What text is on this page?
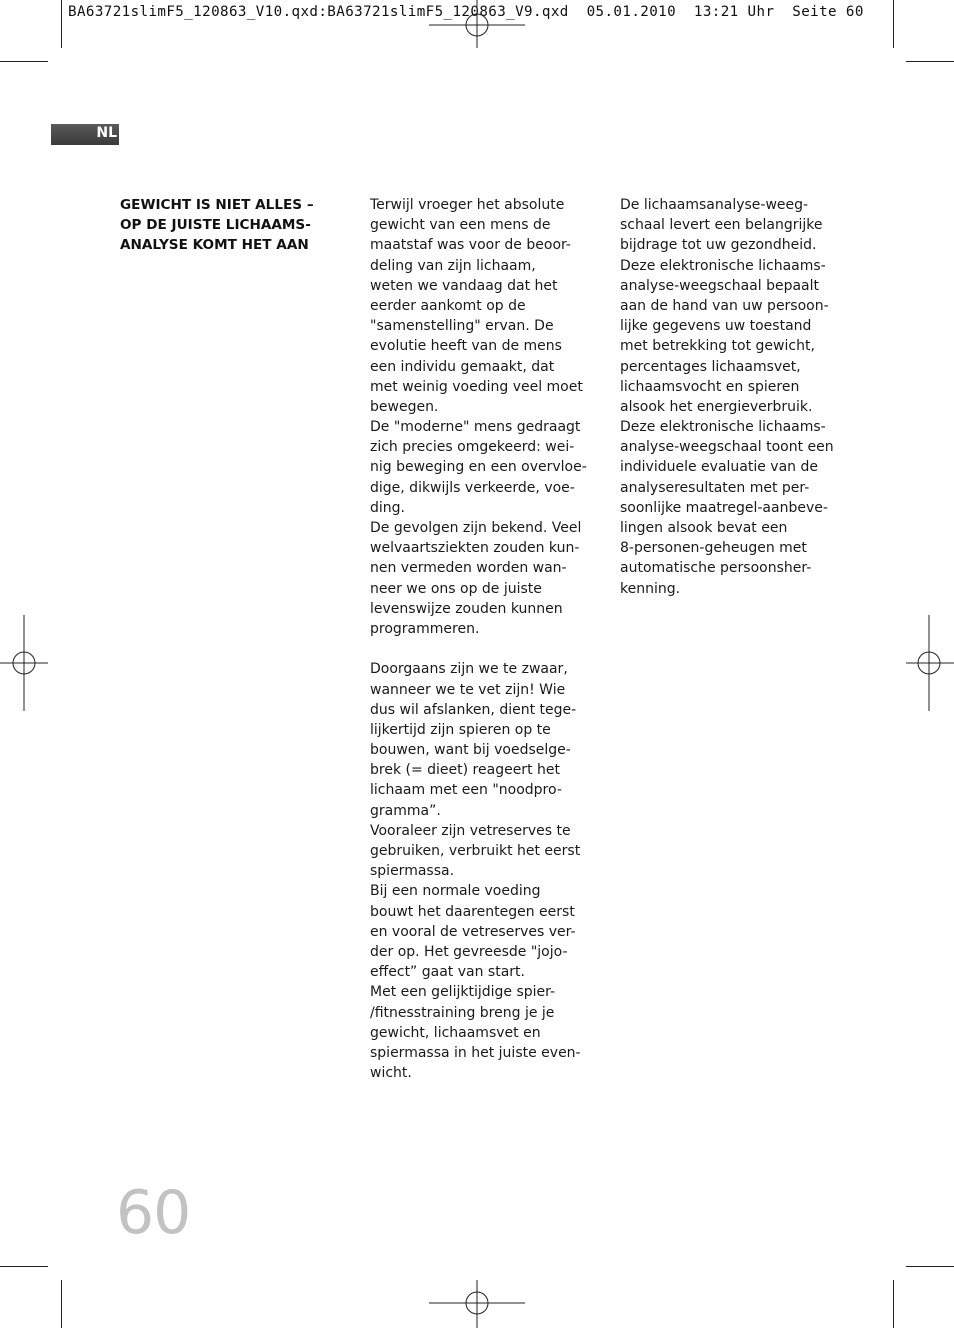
BA63721slimF5_120863_V10.qxd:BA63721slimF5_120863_V9.qxd  05.01.2010  13:21 Uhr  Seite 60
NL
GEWICHT IS NIET ALLES –
OP DE JUISTE LICHAAMS-
ANALYSE KOMT HET AAN
Terwijl vroeger het absolute
gewicht van een mens de
maatstaf was voor de beoor-
deling van zijn lichaam,
weten we vandaag dat het
eerder aankomt op de
"samenstelling" ervan. De
evolutie heeft van de mens
een individu gemaakt, dat
met weinig voeding veel moet
bewegen.
De "moderne" mens gedraagt
zich precies omgekeerd: wei-
nig beweging en een overvloe-
dige, dikwijls verkeerde, voe-
ding.
De gevolgen zijn bekend. Veel
welvaartsziekten zouden kun-
nen vermeden worden wan-
neer we ons op de juiste
levenswijze zouden kunnen
programmeren.
Doorgaans zijn we te zwaar,
wanneer we te vet zijn! Wie
dus wil afslanken, dient tege-
lijkertijd zijn spieren op te
bouwen, want bij voedselge-
brek (= dieet) reageert het
lichaam met een "noodpro-
gramma”.
Vooraleer zijn vetreserves te
gebruiken, verbruikt het eerst
spiermassa.
Bij een normale voeding
bouwt het daarentegen eerst
en vooral de vetreserves ver-
der op. Het gevreesde "jojo-
effect” gaat van start.
Met een gelijktijdige spier-
/fitnesstraining breng je je
gewicht, lichaamsvet en
spiermassa in het juiste even-
wicht.
De lichaamsanalyse-weeg-
schaal levert een belangrijke
bijdrage tot uw gezondheid.
Deze elektronische lichaams-
analyse-weegschaal bepaalt
aan de hand van uw persoon-
lijke gegevens uw toestand
met betrekking tot gewicht,
percentages lichaamsvet,
lichaamsvocht en spieren
alsook het energieverbruik.
Deze elektronische lichaams-
analyse-weegschaal toont een
individuele evaluatie van de
analyseresultaten met per-
soonlijke maatregel-aanbeve-
lingen alsook bevat een
8-personen-geheugen met
automatische persoonsher-
kenning.
60
